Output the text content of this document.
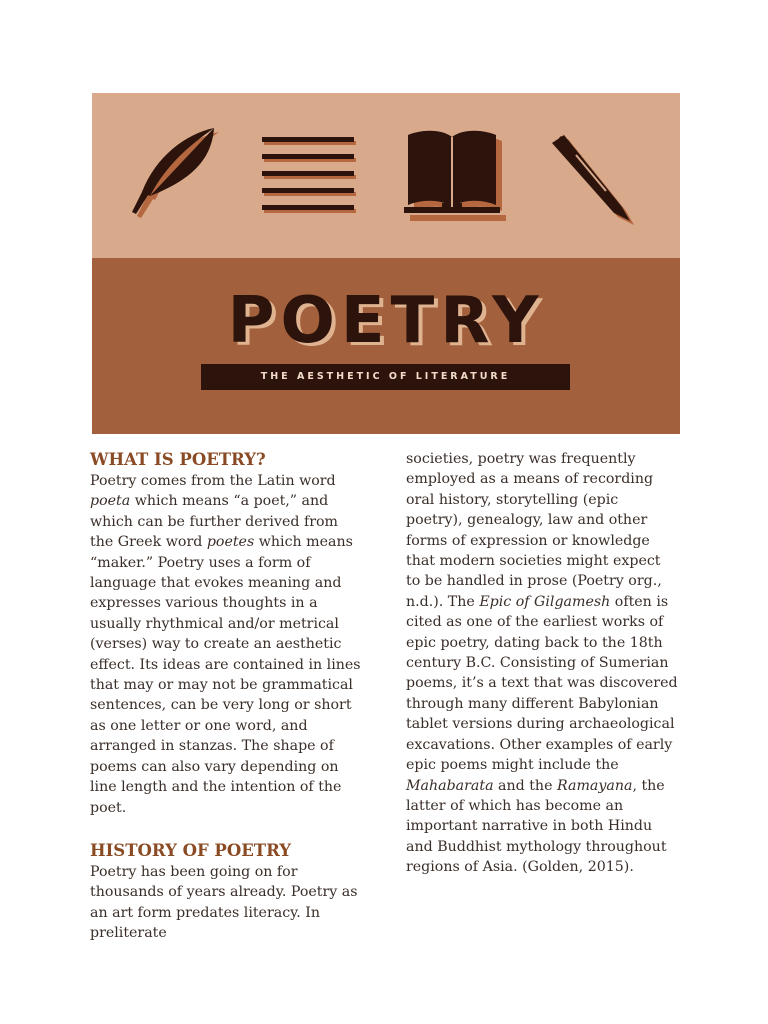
POETRY
THE AESTHETIC OF LITERATURE
WHAT IS POETRY?

Poetry comes from the Latin word poeta which means “a poet,” and which can be further derived from the Greek word poetes which means “maker.” Poetry uses a form of language that evokes meaning and expresses various thoughts in a usually rhythmical and/or metrical (verses) way to create an aesthetic effect. Its ideas are contained in lines that may or may not be grammatical sentences, can be very long or short as one letter or one word, and arranged in stanzas. The shape of poems can also vary depending on line length and the intention of the poet.

HISTORY OF POETRY

Poetry has been going on for thousands of years already. Poetry as an art form predates literacy. In preliterate

societies, poetry was frequently employed as a means of recording oral history, storytelling (epic poetry), genealogy, law and other forms of expression or knowledge that modern societies might expect to be handled in prose (Poetry org., n.d.). The Epic of Gilgamesh often is cited as one of the earliest works of epic poetry, dating back to the 18th century B.C. Consisting of Sumerian poems, it’s a text that was discovered through many different Babylonian tablet versions during archaeological excavations. Other examples of early epic poems might include the Mahabarata and the Ramayana, the latter of which has become an important narrative in both Hindu and Buddhist mythology throughout regions of Asia. (Golden, 2015).
